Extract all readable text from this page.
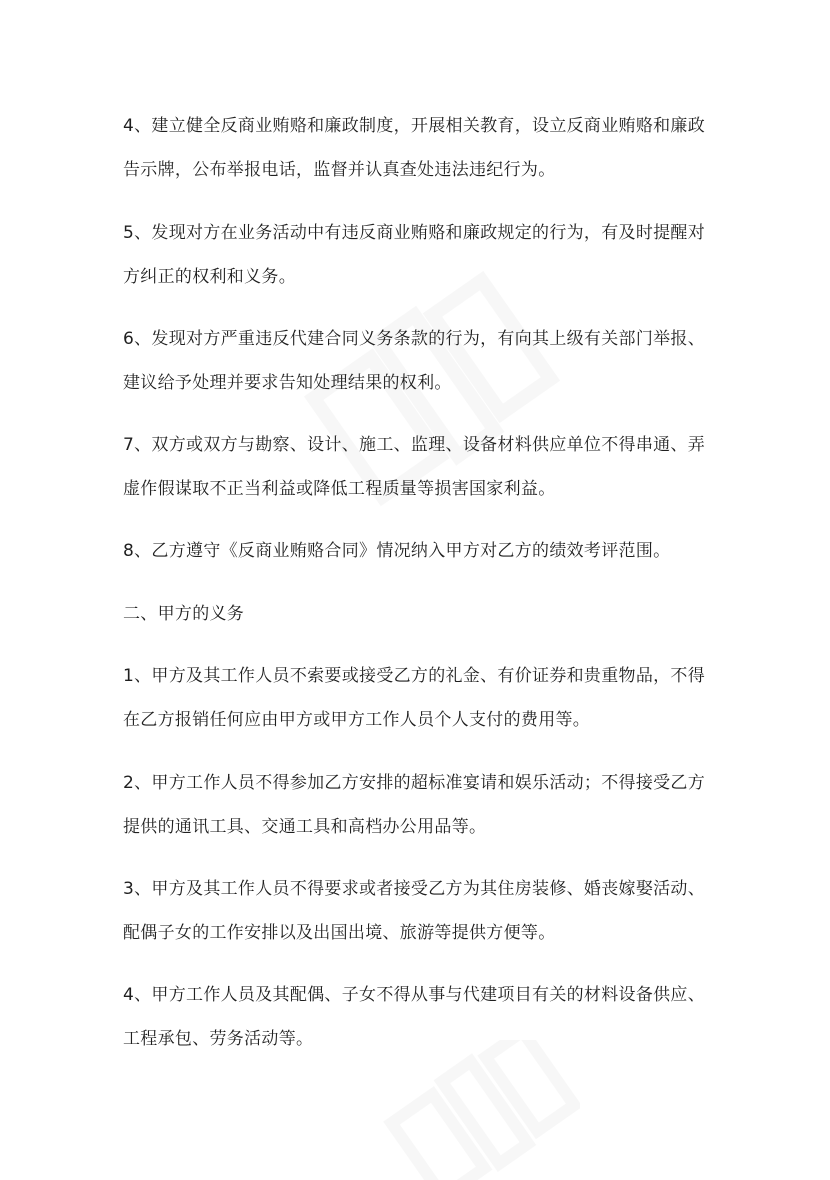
4、建立健全反商业贿赂和廉政制度，开展相关教育，设立反商业贿赂和廉政告示牌，公布举报电话，监督并认真查处违法违纪行为。

5、发现对方在业务活动中有违反商业贿赂和廉政规定的行为，有及时提醒对方纠正的权利和义务。

6、发现对方严重违反代建合同义务条款的行为，有向其上级有关部门举报、建议给予处理并要求告知处理结果的权利。

7、双方或双方与勘察、设计、施工、监理、设备材料供应单位不得串通、弄虚作假谋取不正当利益或降低工程质量等损害国家利益。

8、乙方遵守《反商业贿赂合同》情况纳入甲方对乙方的绩效考评范围。

二、甲方的义务

1、甲方及其工作人员不索要或接受乙方的礼金、有价证券和贵重物品，不得在乙方报销任何应由甲方或甲方工作人员个人支付的费用等。

2、甲方工作人员不得参加乙方安排的超标准宴请和娱乐活动；不得接受乙方提供的通讯工具、交通工具和高档办公用品等。

3、甲方及其工作人员不得要求或者接受乙方为其住房装修、婚丧嫁娶活动、配偶子女的工作安排以及出国出境、旅游等提供方便等。

4、甲方工作人员及其配偶、子女不得从事与代建项目有关的材料设备供应、工程承包、劳务活动等。
